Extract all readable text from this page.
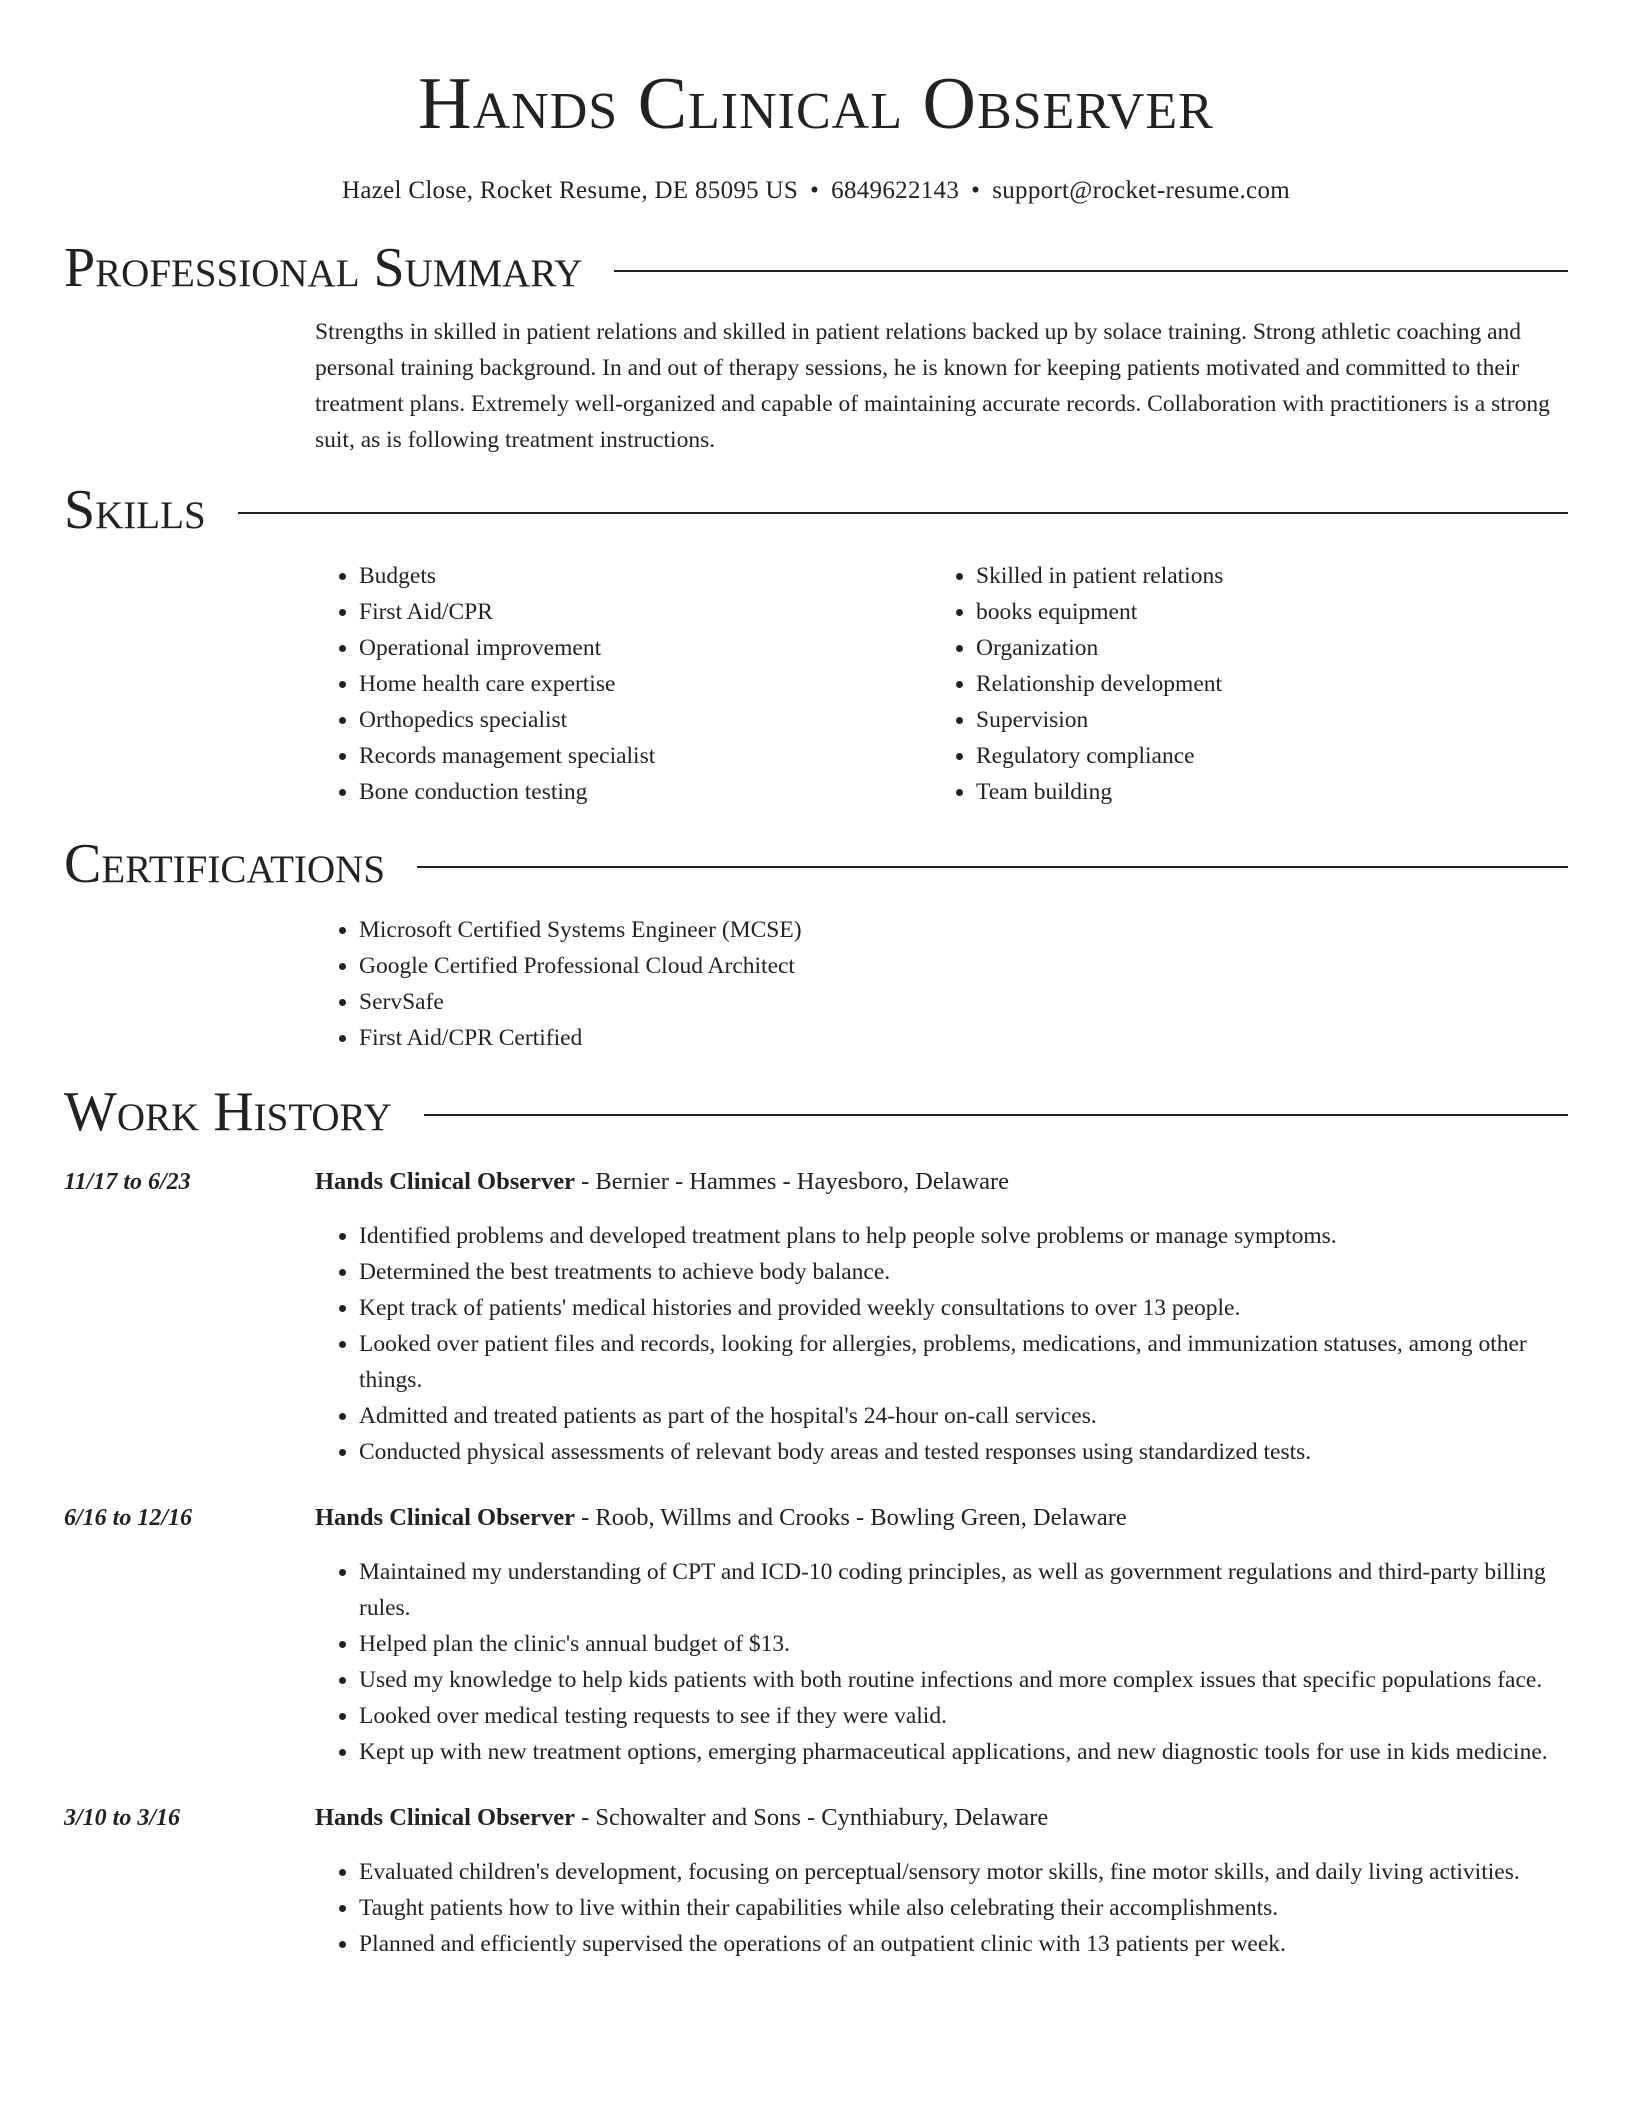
Hands Clinical Observer
Hazel Close, Rocket Resume, DE 85095 US • 6849622143 • support@rocket-resume.com
Professional Summary
Strengths in skilled in patient relations and skilled in patient relations backed up by solace training. Strong athletic coaching and personal training background. In and out of therapy sessions, he is known for keeping patients motivated and committed to their treatment plans. Extremely well-organized and capable of maintaining accurate records. Collaboration with practitioners is a strong suit, as is following treatment instructions.
Skills
• Budgets
• First Aid/CPR
• Operational improvement
• Home health care expertise
• Orthopedics specialist
• Records management specialist
• Bone conduction testing
• Skilled in patient relations
• books equipment
• Organization
• Relationship development
• Supervision
• Regulatory compliance
• Team building
Certifications
• Microsoft Certified Systems Engineer (MCSE)
• Google Certified Professional Cloud Architect
• ServSafe
• First Aid/CPR Certified
Work History
11/17 to 6/23	Hands Clinical Observer - Bernier - Hammes - Hayesboro, Delaware
• Identified problems and developed treatment plans to help people solve problems or manage symptoms.
• Determined the best treatments to achieve body balance.
• Kept track of patients' medical histories and provided weekly consultations to over 13 people.
• Looked over patient files and records, looking for allergies, problems, medications, and immunization statuses, among other things.
• Admitted and treated patients as part of the hospital's 24-hour on-call services.
• Conducted physical assessments of relevant body areas and tested responses using standardized tests.
6/16 to 12/16	Hands Clinical Observer - Roob, Willms and Crooks - Bowling Green, Delaware
• Maintained my understanding of CPT and ICD-10 coding principles, as well as government regulations and third-party billing rules.
• Helped plan the clinic's annual budget of $13.
• Used my knowledge to help kids patients with both routine infections and more complex issues that specific populations face.
• Looked over medical testing requests to see if they were valid.
• Kept up with new treatment options, emerging pharmaceutical applications, and new diagnostic tools for use in kids medicine.
3/10 to 3/16	Hands Clinical Observer - Schowalter and Sons - Cynthiabury, Delaware
• Evaluated children's development, focusing on perceptual/sensory motor skills, fine motor skills, and daily living activities.
• Taught patients how to live within their capabilities while also celebrating their accomplishments.
• Planned and efficiently supervised the operations of an outpatient clinic with 13 patients per week.
